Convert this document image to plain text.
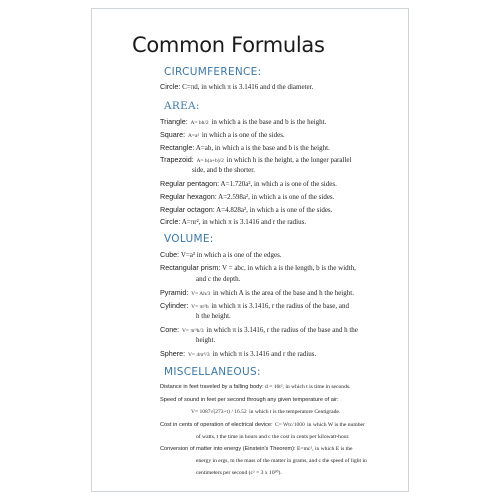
Common Formulas
CIRCUMFERENCE:
Circle: C=πd, in which π is 3.1416 and d the diameter.
AREA:
Triangle: A= bh/2 in which a is the base and b is the height.
Square: A=a² in which a is one of the sides.
Rectangle: A=ab, in which a is the base and b is the height.
Trapezoid: A= h(a+b)/2 in which h is the height, a the longer parallel
side, and b the shorter.
Regular pentagon: A=1.720a², in which a is one of the sides.
Regular hexagon: A=2.598a², in which a is one of the sides.
Regular octagon: A=4.828a², in which a is one of the sides.
Circle: A=πr², in which π is 3.1416 and r the radius.
VOLUME:
Cube: V=a³ in which a is one of the edges.
Rectangular prism: V = abc, in which a is the length, b is the width,
and c the depth.
Pyramid: V= Ah/3 in which A is the area of the base and h the height.
Cylinder: V= πr²h in which π is 3.1416, r the radius of the base, and
h the height.
Cone: V= πr²h/3 in which π is 3.1416, r the radius of the base and h the
height.
Sphere: V= 4πr³/3 in which π is 3.1416 and r the radius.
MISCELLANEOUS:
Distance in feet traveled by a falling body: d = 16t², in which t is time in seconds.
Speed of sound in feet per second through any given temperature of air:
V= 1087√(273+t) / 16.52 in which t is the temperature Centigrade.
Cost in cents of operation of electrical device: C= Wtc/1000 in which W is the number
of watts, t the time in hours and c the cost in cents per kilowatt-hour.
Conversion of matter into energy (Einstein's Theorem): E=mc², in which E is the
energy in ergs, m the mass of the matter in grams, and c the speed of light in
centimeters per second (c² = 3 x 10²⁰).
